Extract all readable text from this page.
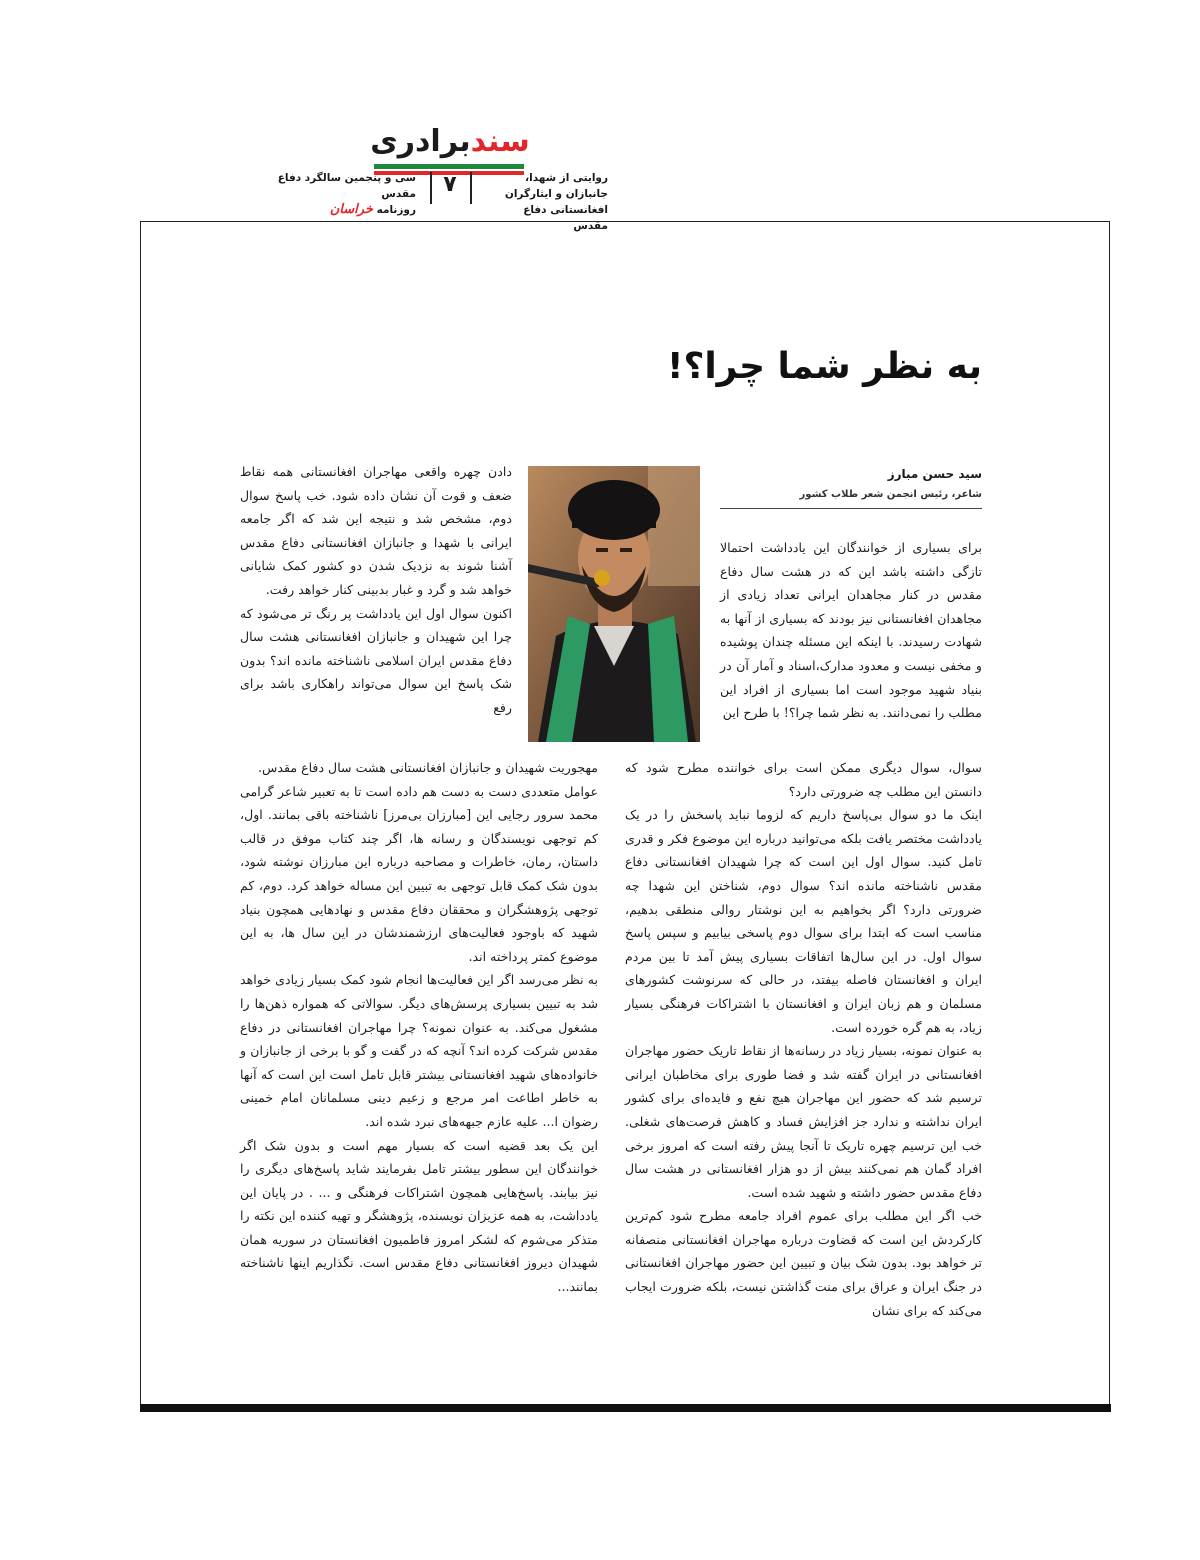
سندبرادری
روایتی از شهدا، جانبازان و ایثارگران
افغانستانی دفاع مقدس
۷
سی و پنجمین سالگرد دفاع مقدس
روزنامه خراسان
به نظر شما چرا؟!
سید حسن مبارز
شاعر، رئیس انجمن شعر طلاب کشور

برای بسیاری از خوانندگان این یادداشت احتمالا تازگی داشته باشد این که در هشت سال دفاع مقدس در کنار مجاهدان ایرانی تعداد زیادی از مجاهدان افغانستانی نیز بودند که بسیاری از آنها به شهادت رسیدند. با اینکه این مسئله چندان پوشیده و مخفی نیست و معدود مدارک،اسناد و آمار آن در بنیاد شهید موجود است اما بسیاری از افراد این مطلب را نمی‌دانند. به نظر شما چرا؟! با طرح این

سوال، سوال دیگری ممکن است برای خواننده مطرح شود که دانستن این مطلب چه ضرورتی دارد؟

اینک ما دو سوال بی‌پاسخ داریم که لزوما نباید پاسخش را در یک یادداشت مختصر یافت بلکه می‌توانید درباره این موضوع فکر و قدری تامل کنید. سوال اول این است که چرا شهیدان افغانستانی دفاع مقدس ناشناخته مانده اند؟ سوال دوم، شناختن این شهدا چه ضرورتی دارد؟ اگر بخواهیم به این نوشتار روالی منطقی بدهیم، مناسب است که ابتدا برای سوال دوم پاسخی بیابیم و سپس پاسخ سوال اول. در این سال‌ها اتفاقات بسیاری پیش آمد تا بین مردم ایران و افغانستان فاصله بیفتد، در حالی که سرنوشت کشورهای مسلمان و هم زبان ایران و افغانستان با اشتراکات فرهنگی بسیار زیاد، به هم گره خورده است.

به عنوان نمونه، بسیار زیاد در رسانه‌ها از نقاط تاریک حضور مهاجران افغانستانی در ایران گفته شد و فضا طوری برای مخاطبان ایرانی ترسیم شد که حضور این مهاجران هیچ نفع و فایده‌ای برای کشور ایران نداشته و ندارد جز افزایش فساد و کاهش فرصت‌های شغلی. خب این ترسیم چهره تاریک تا آنجا پیش رفته است که امروز برخی افراد گمان هم نمی‌کنند بیش از دو هزار افغانستانی در هشت سال دفاع مقدس حضور داشته و شهید شده است.

خب اگر این مطلب برای عموم افراد جامعه مطرح شود کم‌ترین کارکردش این است که قضاوت درباره مهاجران افغانستانی منصفانه تر خواهد بود. بدون شک بیان و تبیین این حضور مهاجران افغانستانی در جنگ ایران و عراق برای منت گذاشتن نیست، بلکه ضرورت ایجاب می‌کند که برای نشان

دادن چهره واقعی مهاجران افغانستانی همه نقاط ضعف و قوت آن نشان داده شود. خب پاسخ سوال دوم، مشخص شد و نتیجه این شد که اگر جامعه ایرانی با شهدا و جانبازان افغانستانی دفاع مقدس آشنا شوند به نزدیک شدن دو کشور کمک شایانی خواهد شد و گرد و غبار بدبینی کنار خواهد رفت.

اکنون سوال اول این یادداشت پر رنگ تر می‌شود که چرا این شهیدان و جانبازان افغانستانی هشت سال دفاع مقدس ایران اسلامی ناشناخته مانده اند؟ بدون شک پاسخ این سوال می‌تواند راهکاری باشد برای رفع

مهجوریت شهیدان و جانبازان افغانستانی هشت سال دفاع مقدس.

عوامل متعددی دست به دست هم داده است تا به تعبیر شاعر گرامی محمد سرور رجایی این [مبارزان بی‌مرز] ناشناخته باقی بمانند. اول، کم توجهی نویسندگان و رسانه ها، اگر چند کتاب موفق در قالب داستان، رمان، خاطرات و مصاحبه درباره این مبارزان نوشته شود، بدون شک کمک قابل توجهی به تبیین این مساله خواهد کرد. دوم، کم توجهی پژوهشگران و محققان دفاع مقدس و نهادهایی همچون بنیاد شهید که باوجود فعالیت‌های ارزشمندشان در این سال ها، به این موضوع کمتر پرداخته اند.

به نظر می‌رسد اگر این فعالیت‌ها انجام شود کمک بسیار زیادی خواهد شد به تبیین بسیاری پرسش‌های دیگر. سوالاتی که همواره ذهن‌ها را مشغول می‌کند. به عنوان نمونه؟ چرا مهاجران افغانستانی در دفاع مقدس شرکت کرده اند؟ آنچه که در گفت و گو با برخی از جانبازان و خانواده‌های شهید افغانستانی بیشتر قابل تامل است این است که آنها به خاطر اطاعت امر مرجع و زعیم دینی مسلمانان امام خمینی رضوان ا... علیه عازم جبهه‌های نبرد شده اند.

این یک بعد قضیه است که بسیار مهم است و بدون شک اگر خوانندگان این سطور بیشتر تامل بفرمایند شاید پاسخ‌های دیگری را نیز بیابند. پاسخ‌هایی همچون اشتراکات فرهنگی و ... . در پایان این یادداشت، به همه عزیزان نویسنده، پژوهشگر و تهیه کننده این نکته را متذکر می‌شوم که لشکر امروز فاطمیون افغانستان در سوریه همان شهیدان دیروز افغانستانی دفاع مقدس است. نگذاریم اینها ناشناخته بمانند...
